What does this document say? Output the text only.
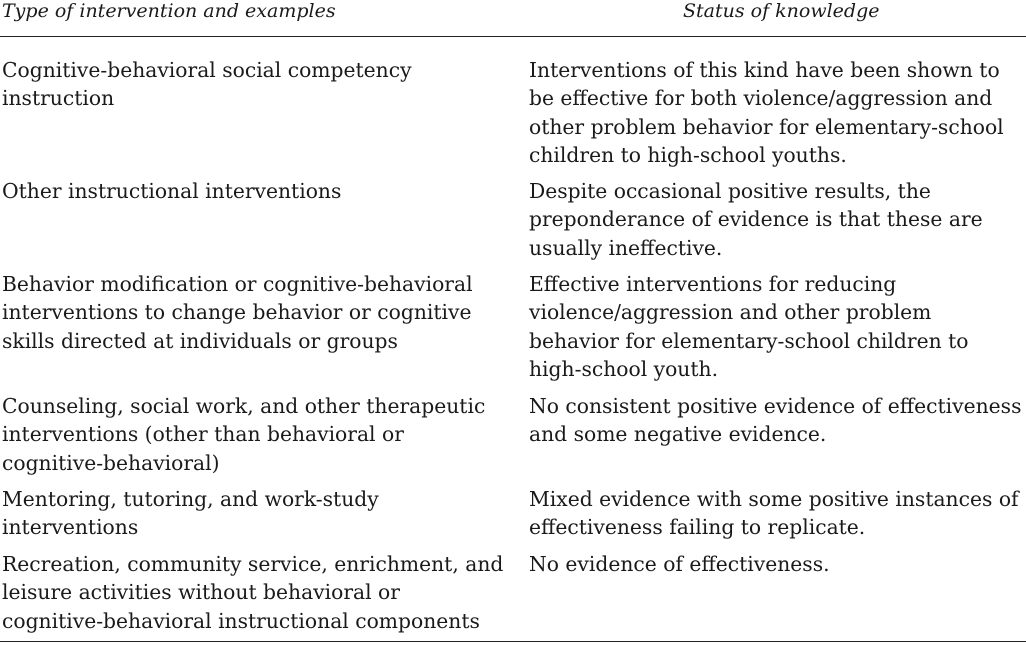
Type of intervention and examples	Status of knowledge
Cognitive-behavioral social competency instruction
Interventions of this kind have been shown to be effective for both violence/aggression and other problem behavior for elementary-school children to high-school youths.
Other instructional interventions	Despite occasional positive results, the preponderance of evidence is that these are usually ineffective.
Behavior modification or cognitive-behavioral interventions to change behavior or cognitive skills directed at individuals or groups
Effective interventions for reducing violence/aggression and other problem behavior for elementary-school children to high-school youth.
Counseling, social work, and other therapeutic interventions (other than behavioral or cognitive-behavioral)
No consistent positive evidence of effectiveness and some negative evidence.
Mentoring, tutoring, and work-study interventions
Mixed evidence with some positive instances of effectiveness failing to replicate.
Recreation, community service, enrichment, and leisure activities without behavioral or cognitive-behavioral instructional components
No evidence of effectiveness.
